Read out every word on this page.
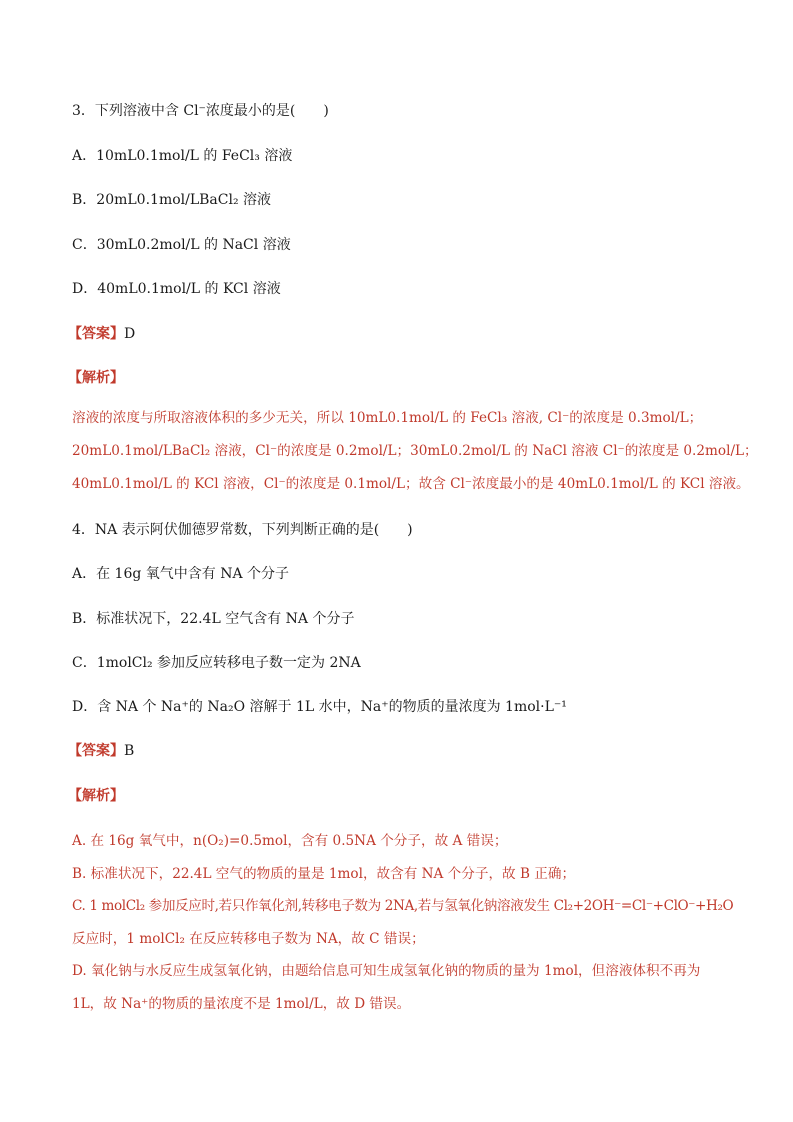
3．下列溶液中含 Cl⁻浓度最小的是(　　)
A．10mL0.1mol/L 的 FeCl₃ 溶液
B．20mL0.1mol/LBaCl₂ 溶液
C．30mL0.2mol/L 的 NaCl 溶液
D．40mL0.1mol/L 的 KCl 溶液
【答案】D
【解析】

溶液的浓度与所取溶液体积的多少无关，所以 10mL0.1mol/L 的 FeCl₃ 溶液, Cl⁻的浓度是 0.3mol/L；

20mL0.1mol/LBaCl₂ 溶液，Cl⁻的浓度是 0.2mol/L；30mL0.2mol/L 的 NaCl 溶液 Cl⁻的浓度是 0.2mol/L；

40mL0.1mol/L 的 KCl 溶液，Cl⁻的浓度是 0.1mol/L；故含 Cl⁻浓度最小的是 40mL0.1mol/L 的 KCl 溶液。

4．NA 表示阿伏伽德罗常数，下列判断正确的是(　　)
A．在 16g 氧气中含有 NA 个分子
B．标准状况下，22.4L 空气含有 NA 个分子
C．1molCl₂ 参加反应转移电子数一定为 2NA
D．含 NA 个 Na⁺的 Na₂O 溶解于 1L 水中，Na⁺的物质的量浓度为 1mol·L⁻¹
【答案】B
【解析】

A. 在 16g 氧气中，n(O₂)=0.5mol，含有 0.5NA 个分子，故 A 错误；

B. 标准状况下，22.4L 空气的物质的量是 1mol，故含有 NA 个分子，故 B 正确；

C. 1 molCl₂ 参加反应时,若只作氧化剂,转移电子数为 2NA,若与氢氧化钠溶液发生 Cl₂+2OH⁻=Cl⁻+ClO⁻+H₂O

反应时，1 molCl₂ 在反应转移电子数为 NA，故 C 错误；

D. 氧化钠与水反应生成氢氧化钠，由题给信息可知生成氢氧化钠的物质的量为 1mol，但溶液体积不再为

1L，故 Na⁺的物质的量浓度不是 1mol/L，故 D 错误。
